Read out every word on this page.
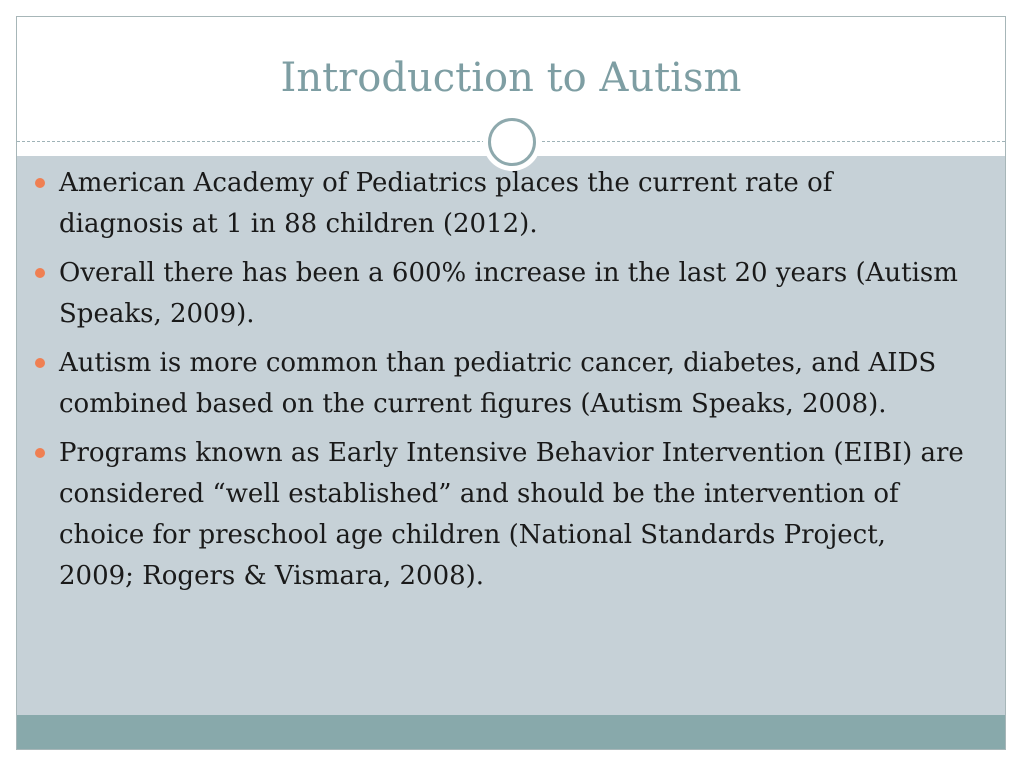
Introduction to Autism
American Academy of Pediatrics places the current rate of diagnosis at 1 in 88 children (2012).
Overall there has been a 600% increase in the last 20 years (Autism Speaks, 2009).
Autism is more common than pediatric cancer, diabetes, and AIDS combined based on the current figures (Autism Speaks, 2008).
Programs known as Early Intensive Behavior Intervention (EIBI) are considered “well established” and should be the intervention of choice for preschool age children (National Standards Project, 2009; Rogers & Vismara, 2008).
